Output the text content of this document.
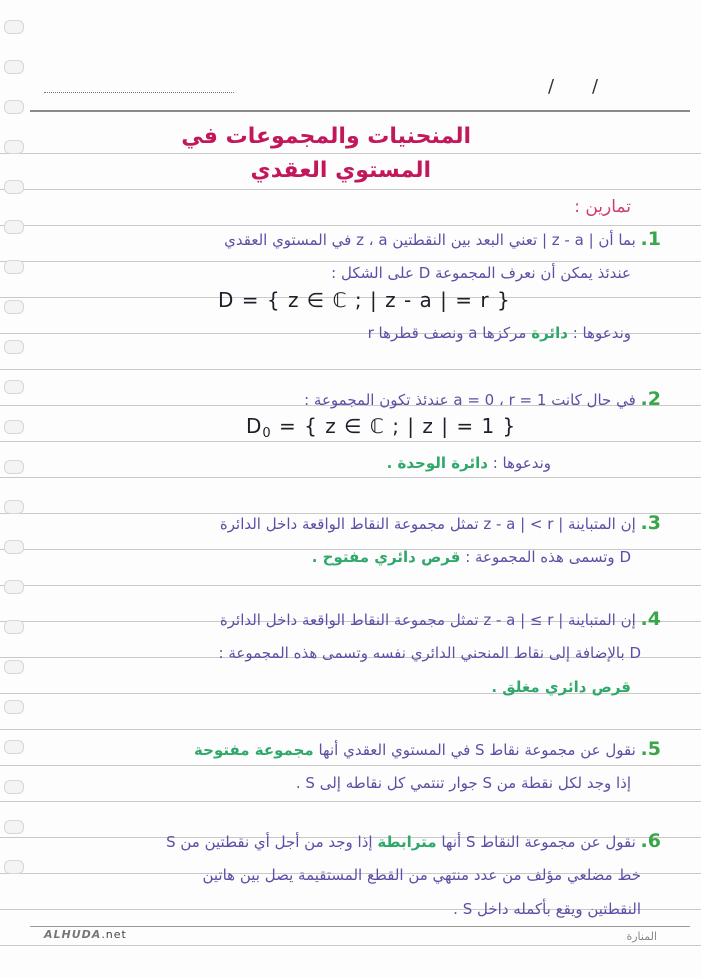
/ /
المنحنيات والمجموعات في
المستوي العقدي
تمارين :
1. بما أن | z - a | تعني البعد بين النقطتين z ، a في المستوي العقدي
عندئذ يمكن أن نعرف المجموعة D على الشكل :
D = { z ∈ ℂ ; | z - a | = r }
وندعوها : دائرة مركزها a ونصف قطرها r
2. في حال كانت a = 0 ، r = 1 عندئذ تكون المجموعة :
$D_0$ = { z ∈ ℂ ; | z | = 1 }
وندعوها : دائرة الوحدة .
3. إن المتباينة | z - a | < r تمثل مجموعة النقاط الواقعة داخل الدائرة
D وتسمى هذه المجموعة : قرص دائري مفتوح .
4. إن المتباينة | z - a | ≤ r تمثل مجموعة النقاط الواقعة داخل الدائرة
D بالإضافة إلى نقاط المنحني الدائري نفسه وتسمى هذه المجموعة :
قرص دائري مغلق .
5. نقول عن مجموعة نقاط S في المستوي العقدي أنها مجموعة مفتوحة
إذا وجد لكل نقطة من S جوار تنتمي كل نقاطه إلى S .
6. نقول عن مجموعة النقاط S أنها مترابطة إذا وجد من أجل أي نقطتين من S
خط مضلعي مؤلف من عدد منتهي من القطع المستقيمة يصل بين هاتين
النقطتين ويقع بأكمله داخل S .
ALHUDA.net	المنارة
